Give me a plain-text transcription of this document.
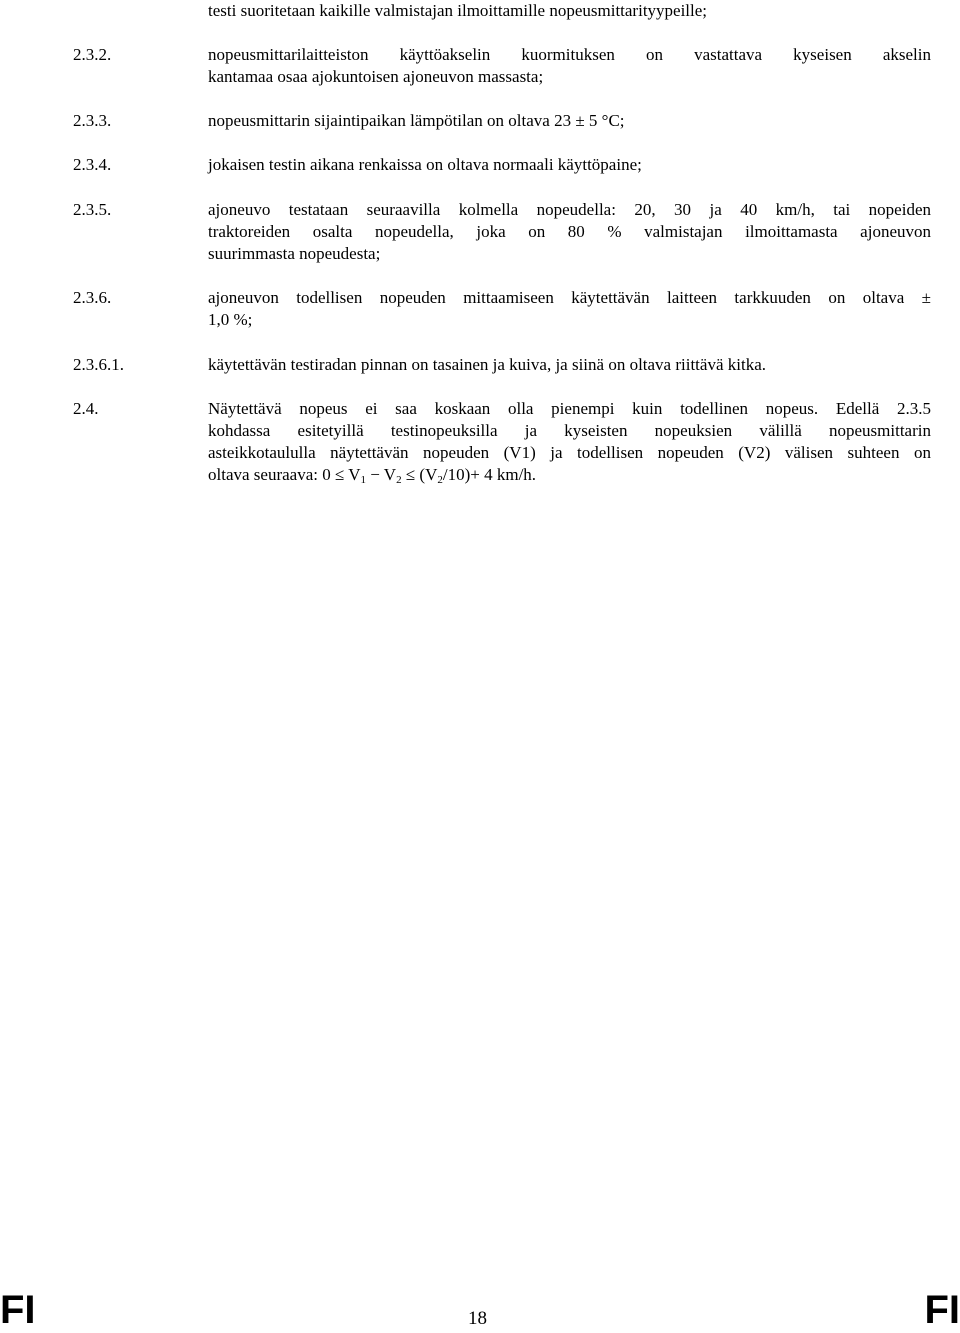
testi suoritetaan kaikille valmistajan ilmoittamille nopeusmittarityypeille;
2.3.2.	nopeusmittarilaitteiston käyttöakselin kuormituksen on vastattava kyseisen akselin
kantamaa osaa ajokuntoisen ajoneuvon massasta;
2.3.3.	nopeusmittarin sijaintipaikan lämpötilan on oltava 23 ± 5 °C;
2.3.4.	jokaisen testin aikana renkaissa on oltava normaali käyttöpaine;
2.3.5.	ajoneuvo testataan seuraavilla kolmella nopeudella: 20, 30 ja 40 km/h, tai nopeiden
traktoreiden osalta nopeudella, joka on 80 % valmistajan ilmoittamasta ajoneuvon
suurimmasta nopeudesta;
2.3.6.	ajoneuvon todellisen nopeuden mittaamiseen käytettävän laitteen tarkkuuden on oltava ±
1,0 %;
2.3.6.1.	käytettävän testiradan pinnan on tasainen ja kuiva, ja siinä on oltava riittävä kitka.
2.4.	Näytettävä nopeus ei saa koskaan olla pienempi kuin todellinen nopeus. Edellä 2.3.5
kohdassa esitetyillä testinopeuksilla ja kyseisten nopeuksien välillä nopeusmittarin
asteikkotaululla näytettävän nopeuden (V1) ja todellisen nopeuden (V2) välisen suhteen on
oltava seuraava: $0 \le V_1 - V_2 \le (V_2/10)+ 4$ km/h.
FI	18	FI
